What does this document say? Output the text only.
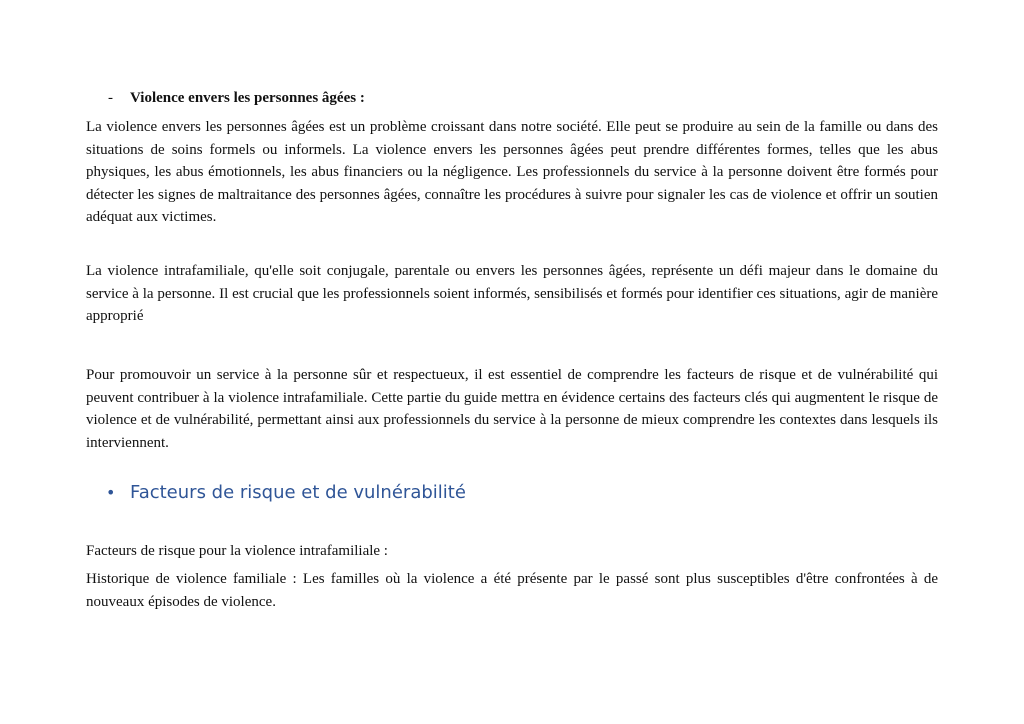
- Violence envers les personnes âgées :
La violence envers les personnes âgées est un problème croissant dans notre société. Elle peut se produire au sein de la famille ou dans des situations de soins formels ou informels. La violence envers les personnes âgées peut prendre différentes formes, telles que les abus physiques, les abus émotionnels, les abus financiers ou la négligence. Les professionnels du service à la personne doivent être formés pour détecter les signes de maltraitance des personnes âgées, connaître les procédures à suivre pour signaler les cas de violence et offrir un soutien adéquat aux victimes.
La violence intrafamiliale, qu'elle soit conjugale, parentale ou envers les personnes âgées, représente un défi majeur dans le domaine du service à la personne. Il est crucial que les professionnels soient informés, sensibilisés et formés pour identifier ces situations, agir de manière approprié
Pour promouvoir un service à la personne sûr et respectueux, il est essentiel de comprendre les facteurs de risque et de vulnérabilité qui peuvent contribuer à la violence intrafamiliale. Cette partie du guide mettra en évidence certains des facteurs clés qui augmentent le risque de violence et de vulnérabilité, permettant ainsi aux professionnels du service à la personne de mieux comprendre les contextes dans lesquels ils interviennent.
• Facteurs de risque et de vulnérabilité
Facteurs de risque pour la violence intrafamiliale :
Historique de violence familiale : Les familles où la violence a été présente par le passé sont plus susceptibles d'être confrontées à de nouveaux épisodes de violence.
